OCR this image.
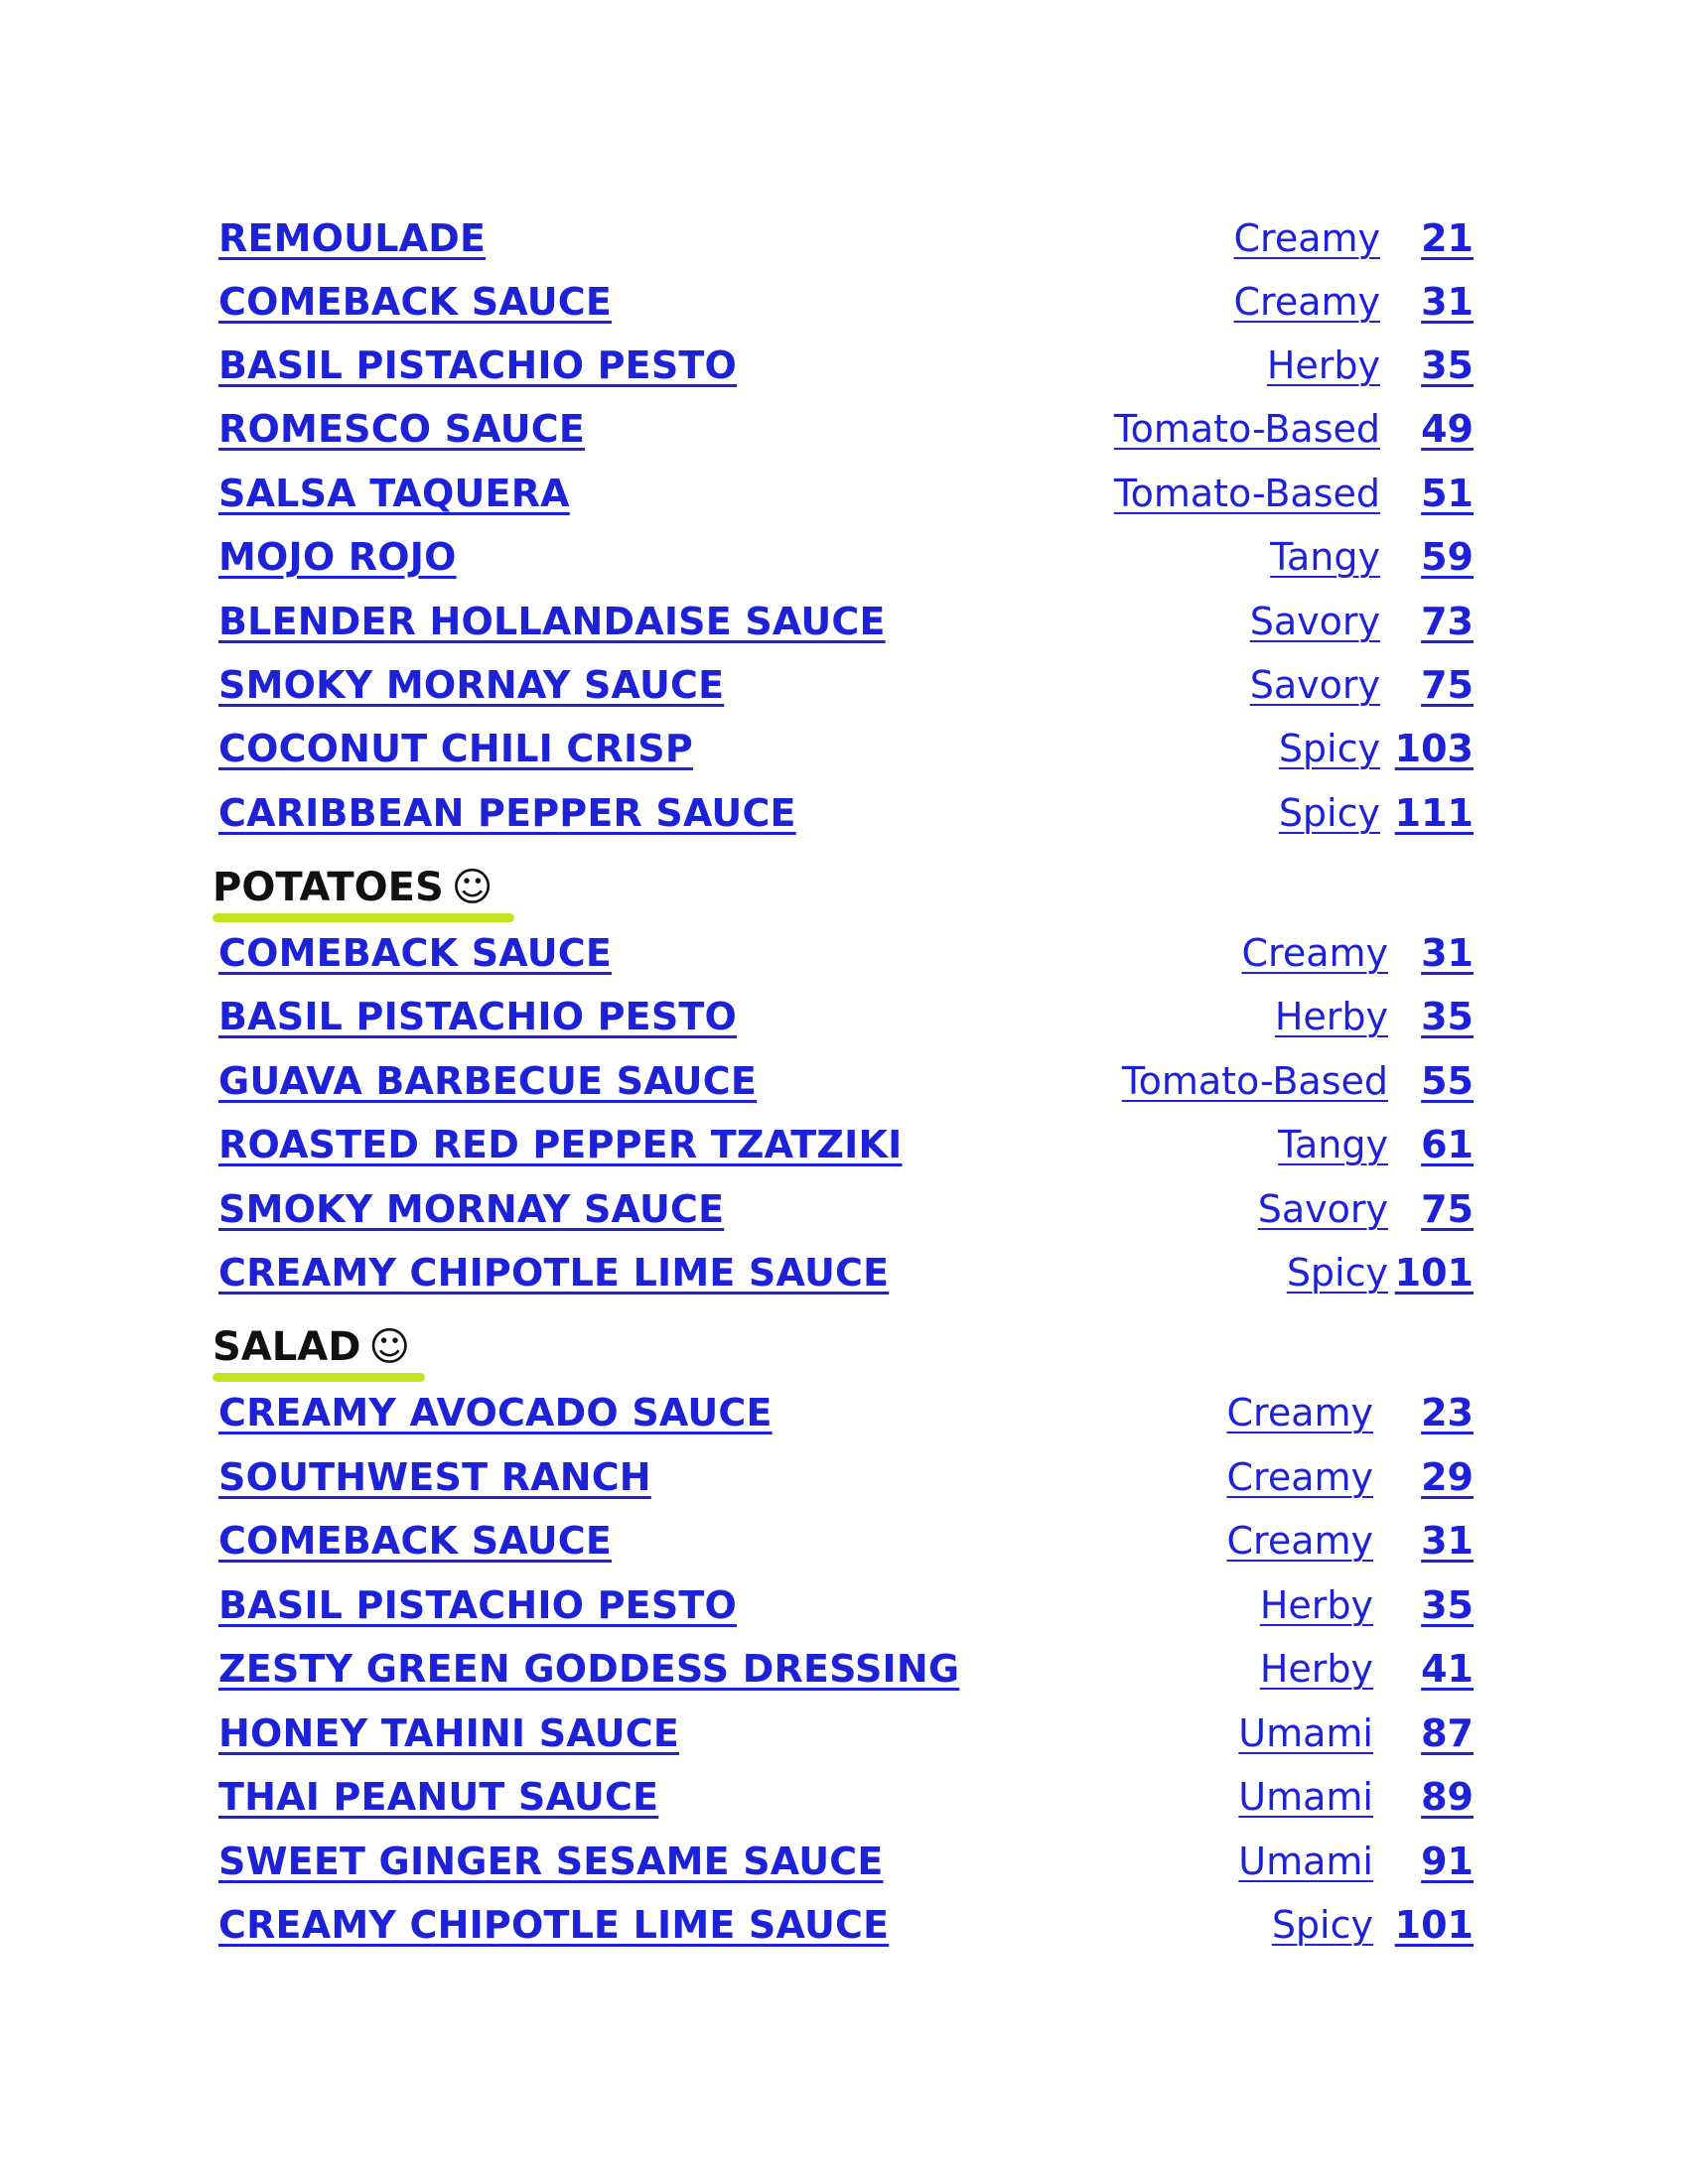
REMOULADE	Creamy	21
COMEBACK SAUCE	Creamy	31
BASIL PISTACHIO PESTO	Herby	35
ROMESCO SAUCE	Tomato-Based	49
SALSA TAQUERA	Tomato-Based	51
MOJO ROJO	Tangy	59
BLENDER HOLLANDAISE SAUCE	Savory	73
SMOKY MORNAY SAUCE	Savory	75
COCONUT CHILI CRISP	Spicy 103
CARIBBEAN PEPPER SAUCE	Spicy 111
POTATOES ☺
COMEBACK SAUCE	Creamy 31
BASIL PISTACHIO PESTO	Herby 35
GUAVA BARBECUE SAUCE	Tomato-Based 55
ROASTED RED PEPPER TZATZIKI	Tangy 61
SMOKY MORNAY SAUCE	Savory 75
CREAMY CHIPOTLE LIME SAUCE	Spicy 101
SALAD ☺
CREAMY AVOCADO SAUCE	Creamy	23
SOUTHWEST RANCH	Creamy	29
COMEBACK SAUCE	Creamy	31
BASIL PISTACHIO PESTO	Herby	35
ZESTY GREEN GODDESS DRESSING	Herby	41
HONEY TAHINI SAUCE	Umami	87
THAI PEANUT SAUCE	Umami	89
SWEET GINGER SESAME SAUCE	Umami	91
CREAMY CHIPOTLE LIME SAUCE	Spicy 101
